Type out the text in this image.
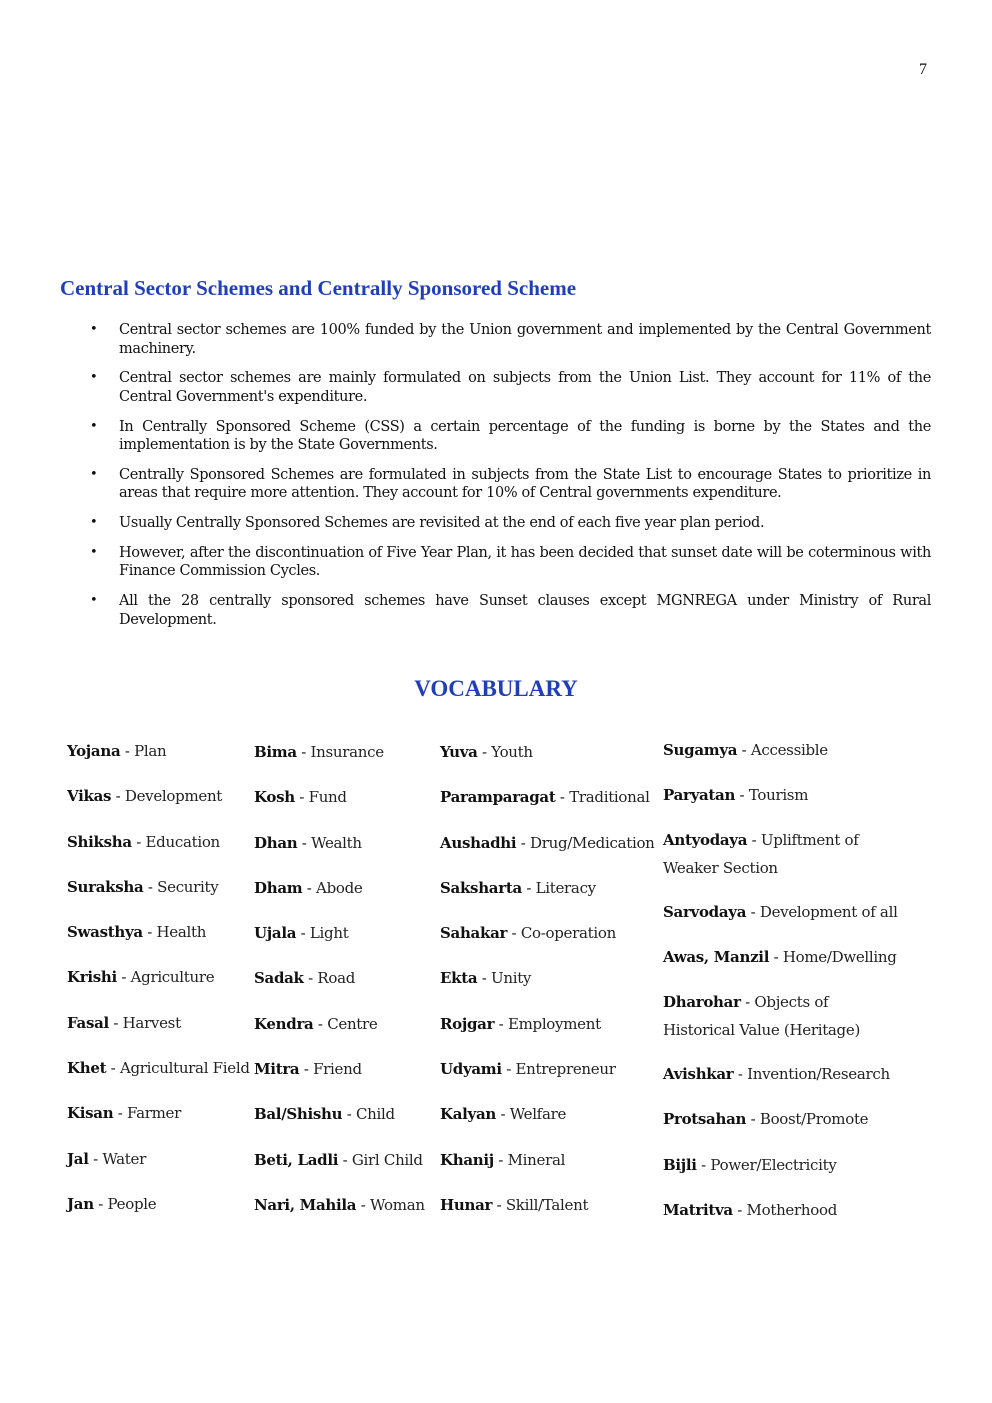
7
Central Sector Schemes and Centrally Sponsored Scheme
• Central sector schemes are 100% funded by the Union government and implemented by the Central Government machinery.
• Central sector schemes are mainly formulated on subjects from the Union List. They account for 11% of the Central Government's expenditure.
• In Centrally Sponsored Scheme (CSS) a certain percentage of the funding is borne by the States and the implementation is by the State Governments.
• Centrally Sponsored Schemes are formulated in subjects from the State List to encourage States to prioritize in areas that require more attention. They account for 10% of Central governments expenditure.
• Usually Centrally Sponsored Schemes are revisited at the end of each five year plan period.
• However, after the discontinuation of Five Year Plan, it has been decided that sunset date will be coterminous with Finance Commission Cycles.
• All the 28 centrally sponsored schemes have Sunset clauses except MGNREGA under Ministry of Rural Development.
VOCABULARY
Yojana - Plan
Vikas - Development
Shiksha - Education
Suraksha - Security
Swasthya - Health
Krishi - Agriculture
Fasal - Harvest
Khet - Agricultural Field
Kisan - Farmer
Jal - Water
Jan - People
Bima - Insurance
Kosh - Fund
Dhan - Wealth
Dham - Abode
Ujala - Light
Sadak - Road
Kendra - Centre
Mitra - Friend
Bal/Shishu - Child
Beti, Ladli - Girl Child
Nari, Mahila - Woman
Yuva - Youth
Paramparagat - Traditional
Aushadhi - Drug/Medication
Saksharta - Literacy
Sahakar - Co-operation
Ekta - Unity
Rojgar - Employment
Udyami - Entrepreneur
Kalyan - Welfare
Khanij - Mineral
Hunar - Skill/Talent
Sugamya - Accessible
Paryatan - Tourism
Antyodaya - Upliftment of Weaker Section
Sarvodaya - Development of all
Awas, Manzil - Home/Dwelling
Dharohar - Objects of Historical Value (Heritage)
Avishkar - Invention/Research
Protsahan - Boost/Promote
Bijli - Power/Electricity
Matritva - Motherhood
